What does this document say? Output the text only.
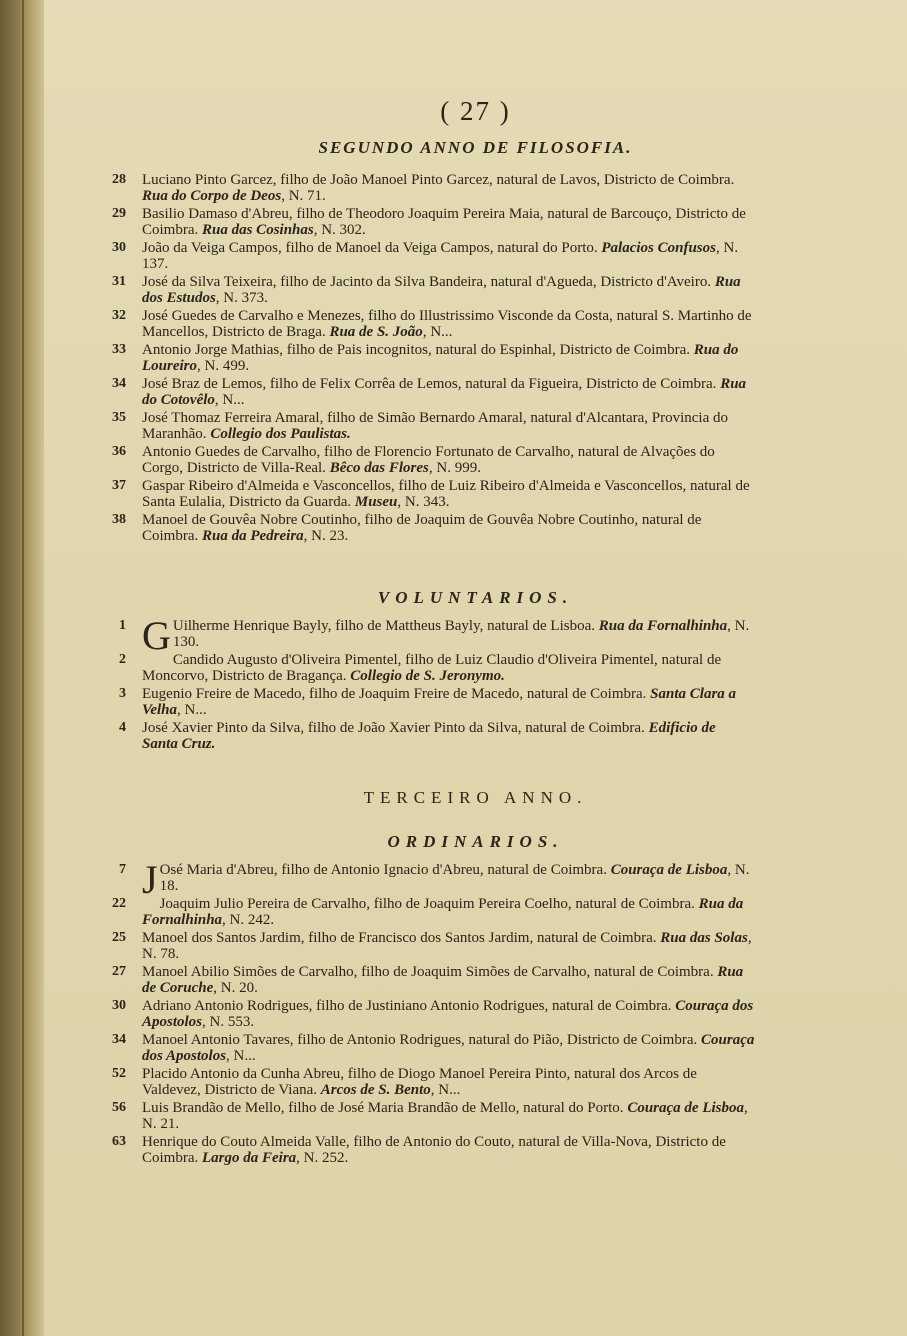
( 27 )
SEGUNDO ANNO DE FILOSOFIA.
28 Luciano Pinto Garcez, filho de João Manoel Pinto Garcez, natural de Lavos, Districto de Coimbra. Rua do Corpo de Deos, N. 71.
29 Basilio Damaso d'Abreu, filho de Theodoro Joaquim Pereira Maia, natural de Barcouço, Districto de Coimbra. Rua das Cosinhas, N. 302.
30 João da Veiga Campos, filho de Manoel da Veiga Campos, natural do Porto. Palacios Confusos, N. 137.
31 José da Silva Teixeira, filho de Jacinto da Silva Bandeira, natural d'Agueda, Districto d'Aveiro. Rua dos Estudos, N. 373.
32 José Guedes de Carvalho e Menezes, filho do Illustrissimo Visconde da Costa, natural S. Martinho de Mancellos, Districto de Braga. Rua de S. João, N...
33 Antonio Jorge Mathias, filho de Pais incognitos, natural do Espinhal, Districto de Coimbra. Rua do Loureiro, N. 499.
34 José Braz de Lemos, filho de Felix Corrêa de Lemos, natural da Figueira, Districto de Coimbra. Rua do Cotovêlo, N...
35 José Thomaz Ferreira Amaral, filho de Simão Bernardo Amaral, natural d'Alcantara, Provincia do Maranhão. Collegio dos Paulistas.
36 Antonio Guedes de Carvalho, filho de Florencio Fortunato de Carvalho, natural de Alvações do Corgo, Districto de Villa-Real. Bêco das Flores, N. 999.
37 Gaspar Ribeiro d'Almeida e Vasconcellos, filho de Luiz Ribeiro d'Almeida e Vasconcellos, natural de Santa Eulalia, Districto da Guarda. Museu, N. 343.
38 Manoel de Gouvêa Nobre Coutinho, filho de Joaquim de Gouvêa Nobre Coutinho, natural de Coimbra. Rua da Pedreira, N. 23.
VOLUNTARIOS.
1 G Uilherme Henrique Bayly, filho de Mattheus Bayly, natural de Lisboa. Rua da Fornalhinha, N. 130.
2	Candido Augusto d'Oliveira Pimentel, filho de Luiz Claudio d'Oliveira Pimentel, natural de Moncorvo, Districto de Bragança. Collegio de S. Jeronymo.
3 Eugenio Freire de Macedo, filho de Joaquim Freire de Macedo, natural de Coimbra. Santa Clara a Velha, N...
4 José Xavier Pinto da Silva, filho de João Xavier Pinto da Silva, natural de Coimbra. Edificio de Santa Cruz.
TERCEIRO ANNO.
ORDINARIOS.
7 J Osé Maria d'Abreu, filho de Antonio Ignacio d'Abreu, natural de Coimbra. Couraça de Lisboa, N. 18.
22 Joaquim Julio Pereira de Carvalho, filho de Joaquim Pereira Coelho, natural de Coimbra. Rua da Fornalhinha, N. 242.
25 Manoel dos Santos Jardim, filho de Francisco dos Santos Jardim, natural de Coimbra. Rua das Solas, N. 78.
27 Manoel Abilio Simões de Carvalho, filho de Joaquim Simões de Carvalho, natural de Coimbra. Rua de Coruche, N. 20.
30 Adriano Antonio Rodrigues, filho de Justiniano Antonio Rodrigues, natural de Coimbra. Couraça dos Apostolos, N. 553.
34 Manoel Antonio Tavares, filho de Antonio Rodrigues, natural do Pião, Districto de Coimbra. Couraça dos Apostolos, N...
52 Placido Antonio da Cunha Abreu, filho de Diogo Manoel Pereira Pinto, natural dos Arcos de Valdevez, Districto de Viana. Arcos de S. Bento, N...
56 Luis Brandão de Mello, filho de José Maria Brandão de Mello, natural do Porto. Couraça de Lisboa, N. 21.
63 Henrique do Couto Almeida Valle, filho de Antonio do Couto, natural de Villa-Nova, Districto de Coimbra. Largo da Feira, N. 252.
